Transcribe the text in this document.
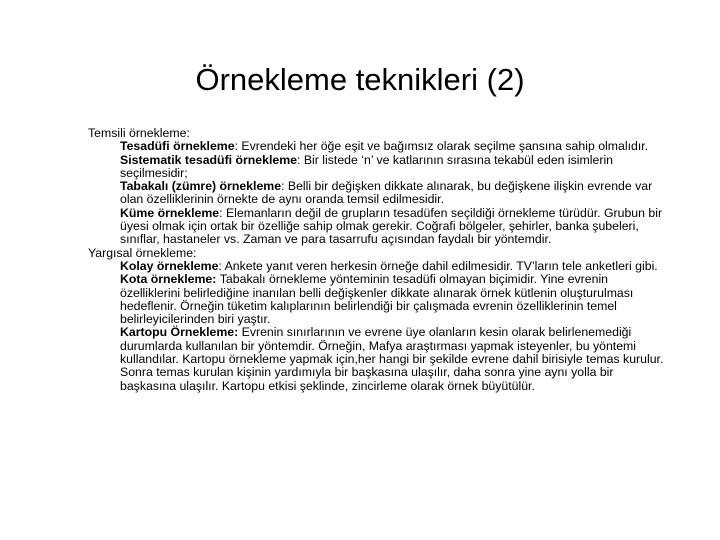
Örnekleme teknikleri (2)
Temsili örnekleme:
Tesadüfi örnekleme: Evrendeki her öğe eşit ve bağımsız olarak seçilme şansına sahip olmalıdır.
Sistematik tesadüfi örnekleme: Bir listede ‘n’ ve katlarının sırasına tekabül eden isimlerin seçilmesidir;
Tabakalı (zümre) örnekleme: Belli bir değişken dikkate alınarak, bu değişkene ilişkin evrende var olan özelliklerinin örnekte de aynı oranda temsil edilmesidir.
Küme örnekleme: Elemanların değil de grupların tesadüfen seçildiği örnekleme türüdür. Grubun bir üyesi olmak için ortak bir özelliğe sahip olmak gerekir. Coğrafi bölgeler, şehirler, banka şubeleri, sınıflar, hastaneler vs. Zaman ve para tasarrufu açısından faydalı bir yöntemdir.
Yargısal örnekleme:
Kolay örnekleme: Ankete yanıt veren herkesin örneğe dahil edilmesidir. TV’ların tele anketleri gibi.
Kota örnekleme: Tabakalı örnekleme yönteminin tesadüfi olmayan biçimidir. Yine evrenin özelliklerini belirlediğine inanılan belli değişkenler dikkate alınarak örnek kütlenin oluşturulması hedeflenir. Örneğin tüketim kalıplarının belirlendiği bir çalışmada evrenin özelliklerinin temel belirleyicilerinden biri yaştır.
Kartopu Örnekleme: Evrenin sınırlarının ve evrene üye olanların kesin olarak belirlenemediği durumlarda kullanılan bir yöntemdir. Örneğin, Mafya araştırması yapmak isteyenler, bu yöntemi kullandılar. Kartopu örnekleme yapmak için,her hangi bir şekilde evrene dahil birisiyle temas kurulur. Sonra temas kurulan kişinin yardımıyla bir başkasına ulaşılır, daha sonra yine aynı yolla bir başkasına ulaşılır. Kartopu etkisi şeklinde, zincirleme olarak örnek büyütülür.
